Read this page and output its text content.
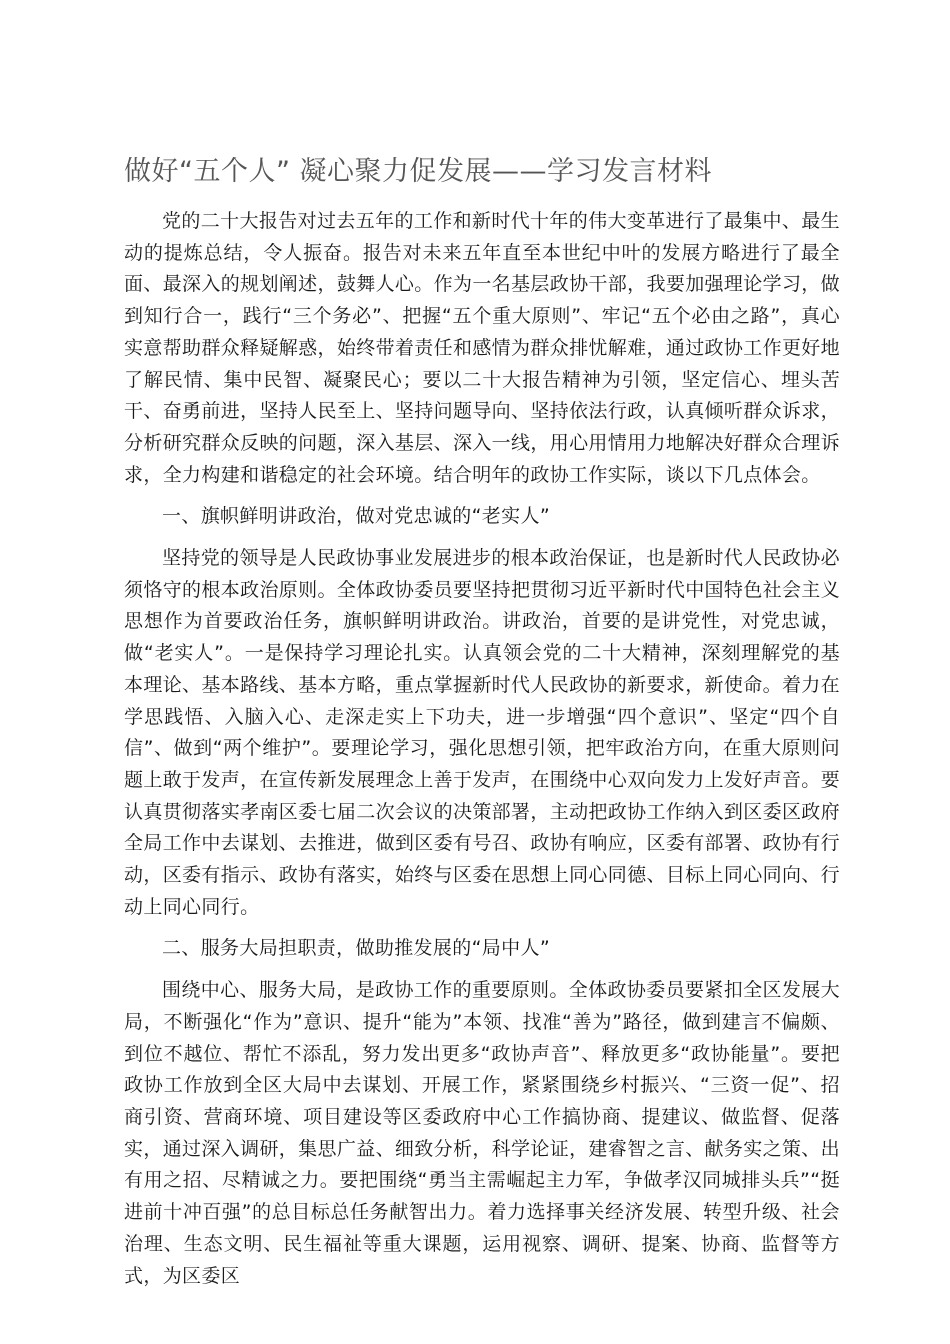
做好“五个人” 凝心聚力促发展——学习发言材料

党的二十大报告对过去五年的工作和新时代十年的伟大变革进行了最集中、最生动的提炼总结，令人振奋。报告对未来五年直至本世纪中叶的发展方略进行了最全面、最深入的规划阐述，鼓舞人心。作为一名基层政协干部，我要加强理论学习，做到知行合一，践行“三个务必”、把握“五个重大原则”、牢记“五个必由之路”，真心实意帮助群众释疑解惑，始终带着责任和感情为群众排忧解难，通过政协工作更好地了解民情、集中民智、凝聚民心；要以二十大报告精神为引领，坚定信心、埋头苦干、奋勇前进，坚持人民至上、坚持问题导向、坚持依法行政，认真倾听群众诉求，分析研究群众反映的问题，深入基层、深入一线，用心用情用力地解决好群众合理诉求，全力构建和谐稳定的社会环境。结合明年的政协工作实际，谈以下几点体会。

一、旗帜鲜明讲政治，做对党忠诚的“老实人”

坚持党的领导是人民政协事业发展进步的根本政治保证，也是新时代人民政协必须恪守的根本政治原则。全体政协委员要坚持把贯彻习近平新时代中国特色社会主义思想作为首要政治任务，旗帜鲜明讲政治。讲政治，首要的是讲党性，对党忠诚，做“老实人”。一是保持学习理论扎实。认真领会党的二十大精神，深刻理解党的基本理论、基本路线、基本方略，重点掌握新时代人民政协的新要求，新使命。着力在学思践悟、入脑入心、走深走实上下功夫，进一步增强“四个意识”、坚定“四个自信”、做到“两个维护”。要理论学习，强化思想引领，把牢政治方向，在重大原则问题上敢于发声，在宣传新发展理念上善于发声，在围绕中心双向发力上发好声音。要认真贯彻落实孝南区委七届二次会议的决策部署，主动把政协工作纳入到区委区政府全局工作中去谋划、去推进，做到区委有号召、政协有响应，区委有部署、政协有行动，区委有指示、政协有落实，始终与区委在思想上同心同德、目标上同心同向、行动上同心同行。

二、服务大局担职责，做助推发展的“局中人”

围绕中心、服务大局，是政协工作的重要原则。全体政协委员要紧扣全区发展大局，不断强化“作为”意识、提升“能为”本领、找准“善为”路径，做到建言不偏颇、到位不越位、帮忙不添乱，努力发出更多“政协声音”、释放更多“政协能量”。要把政协工作放到全区大局中去谋划、开展工作，紧紧围绕乡村振兴、“三资一促”、招商引资、营商环境、项目建设等区委政府中心工作搞协商、提建议、做监督、促落实，通过深入调研，集思广益、细致分析，科学论证，建睿智之言、献务实之策、出有用之招、尽精诚之力。要把围绕“勇当主需崛起主力军，争做孝汉同城排头兵”“挺进前十冲百强”的总目标总任务献智出力。着力选择事关经济发展、转型升级、社会治理、生态文明、民生福祉等重大课题，运用视察、调研、提案、协商、监督等方式，为区委区
